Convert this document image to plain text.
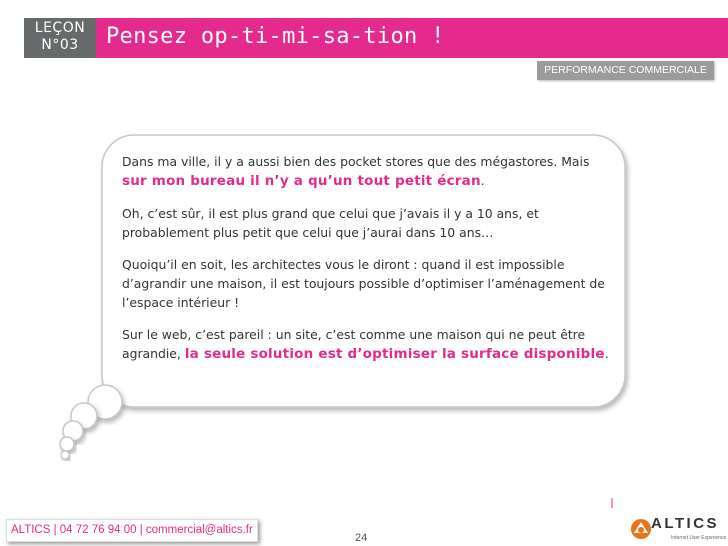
LEÇON
N°03	Pensez op-ti-mi-sa-tion !
PERFORMANCE COMMERCIALE

Dans ma ville, il y a aussi bien des pocket stores que des mégastores. Mais sur mon bureau il n’y a qu’un tout petit écran.

Oh, c’est sûr, il est plus grand que celui que j’avais il y a 10 ans, et probablement plus petit que celui que j’aurai dans 10 ans…

Quoiqu’il en soit, les architectes vous le diront : quand il est impossible d’agrandir une maison, il est toujours possible d’optimiser l’aménagement de l’espace intérieur !

Sur le web, c’est pareil : un site, c’est comme une maison qui ne peut être agrandie, la seule solution est d’optimiser la surface disponible.

ALTICS | 04 72 76 94 00 | commercial@altics.fr
24
ALTICS
Internet User Experience
